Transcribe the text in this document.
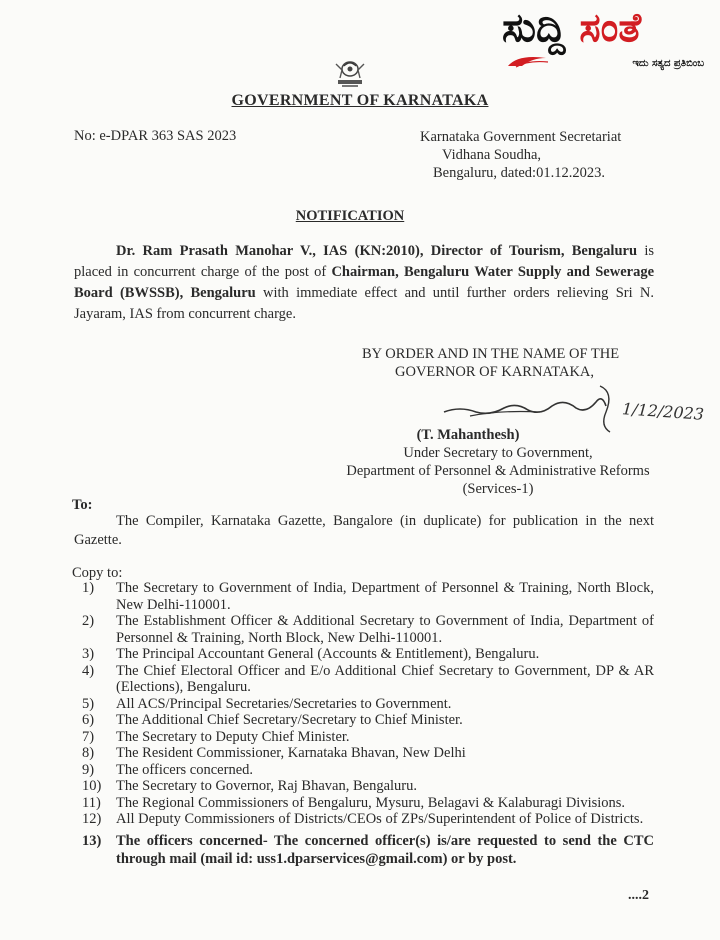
ಸುದ್ದಿ ಸಂತೆ
ಇದು ಸತ್ಯದ ಪ್ರತಿಬಿಂಬ
GOVERNMENT OF KARNATAKA
No: e-DPAR 363 SAS 2023	Karnataka Government Secretariat
Vidhana Soudha,
Bengaluru, dated:01.12.2023.
NOTIFICATION
Dr. Ram Prasath Manohar V., IAS (KN:2010), Director of Tourism, Bengaluru is placed in concurrent charge of the post of Chairman, Bengaluru Water Supply and Sewerage Board (BWSSB), Bengaluru with immediate effect and until further orders relieving Sri N. Jayaram, IAS from concurrent charge.
BY ORDER AND IN THE NAME OF THE
GOVERNOR OF KARNATAKA,
1/12/2023
(T. Mahanthesh)
Under Secretary to Government,
Department of Personnel & Administrative Reforms
(Services-1)
To:
The Compiler, Karnataka Gazette, Bangalore (in duplicate) for publication in the next Gazette.
Copy to:
1)	The Secretary to Government of India, Department of Personnel & Training, North Block, New Delhi-110001.
2)	The Establishment Officer & Additional Secretary to Government of India, Department of Personnel & Training, North Block, New Delhi-110001.
3)	The Principal Accountant General (Accounts & Entitlement), Bengaluru.
4)	The Chief Electoral Officer and E/o Additional Chief Secretary to Government, DP & AR (Elections), Bengaluru.
5)	All ACS/Principal Secretaries/Secretaries to Government.
6)	The Additional Chief Secretary/Secretary to Chief Minister.
7)	The Secretary to Deputy Chief Minister.
8)	The Resident Commissioner, Karnataka Bhavan, New Delhi
9)	The officers concerned.
10)	The Secretary to Governor, Raj Bhavan, Bengaluru.
11)	The Regional Commissioners of Bengaluru, Mysuru, Belagavi & Kalaburagi Divisions.
12)	All Deputy Commissioners of Districts/CEOs of ZPs/Superintendent of Police of Districts.
13)	The officers concerned- The concerned officer(s) is/are requested to send the CTC through mail (mail id: uss1.dparservices@gmail.com) or by post.
....2
